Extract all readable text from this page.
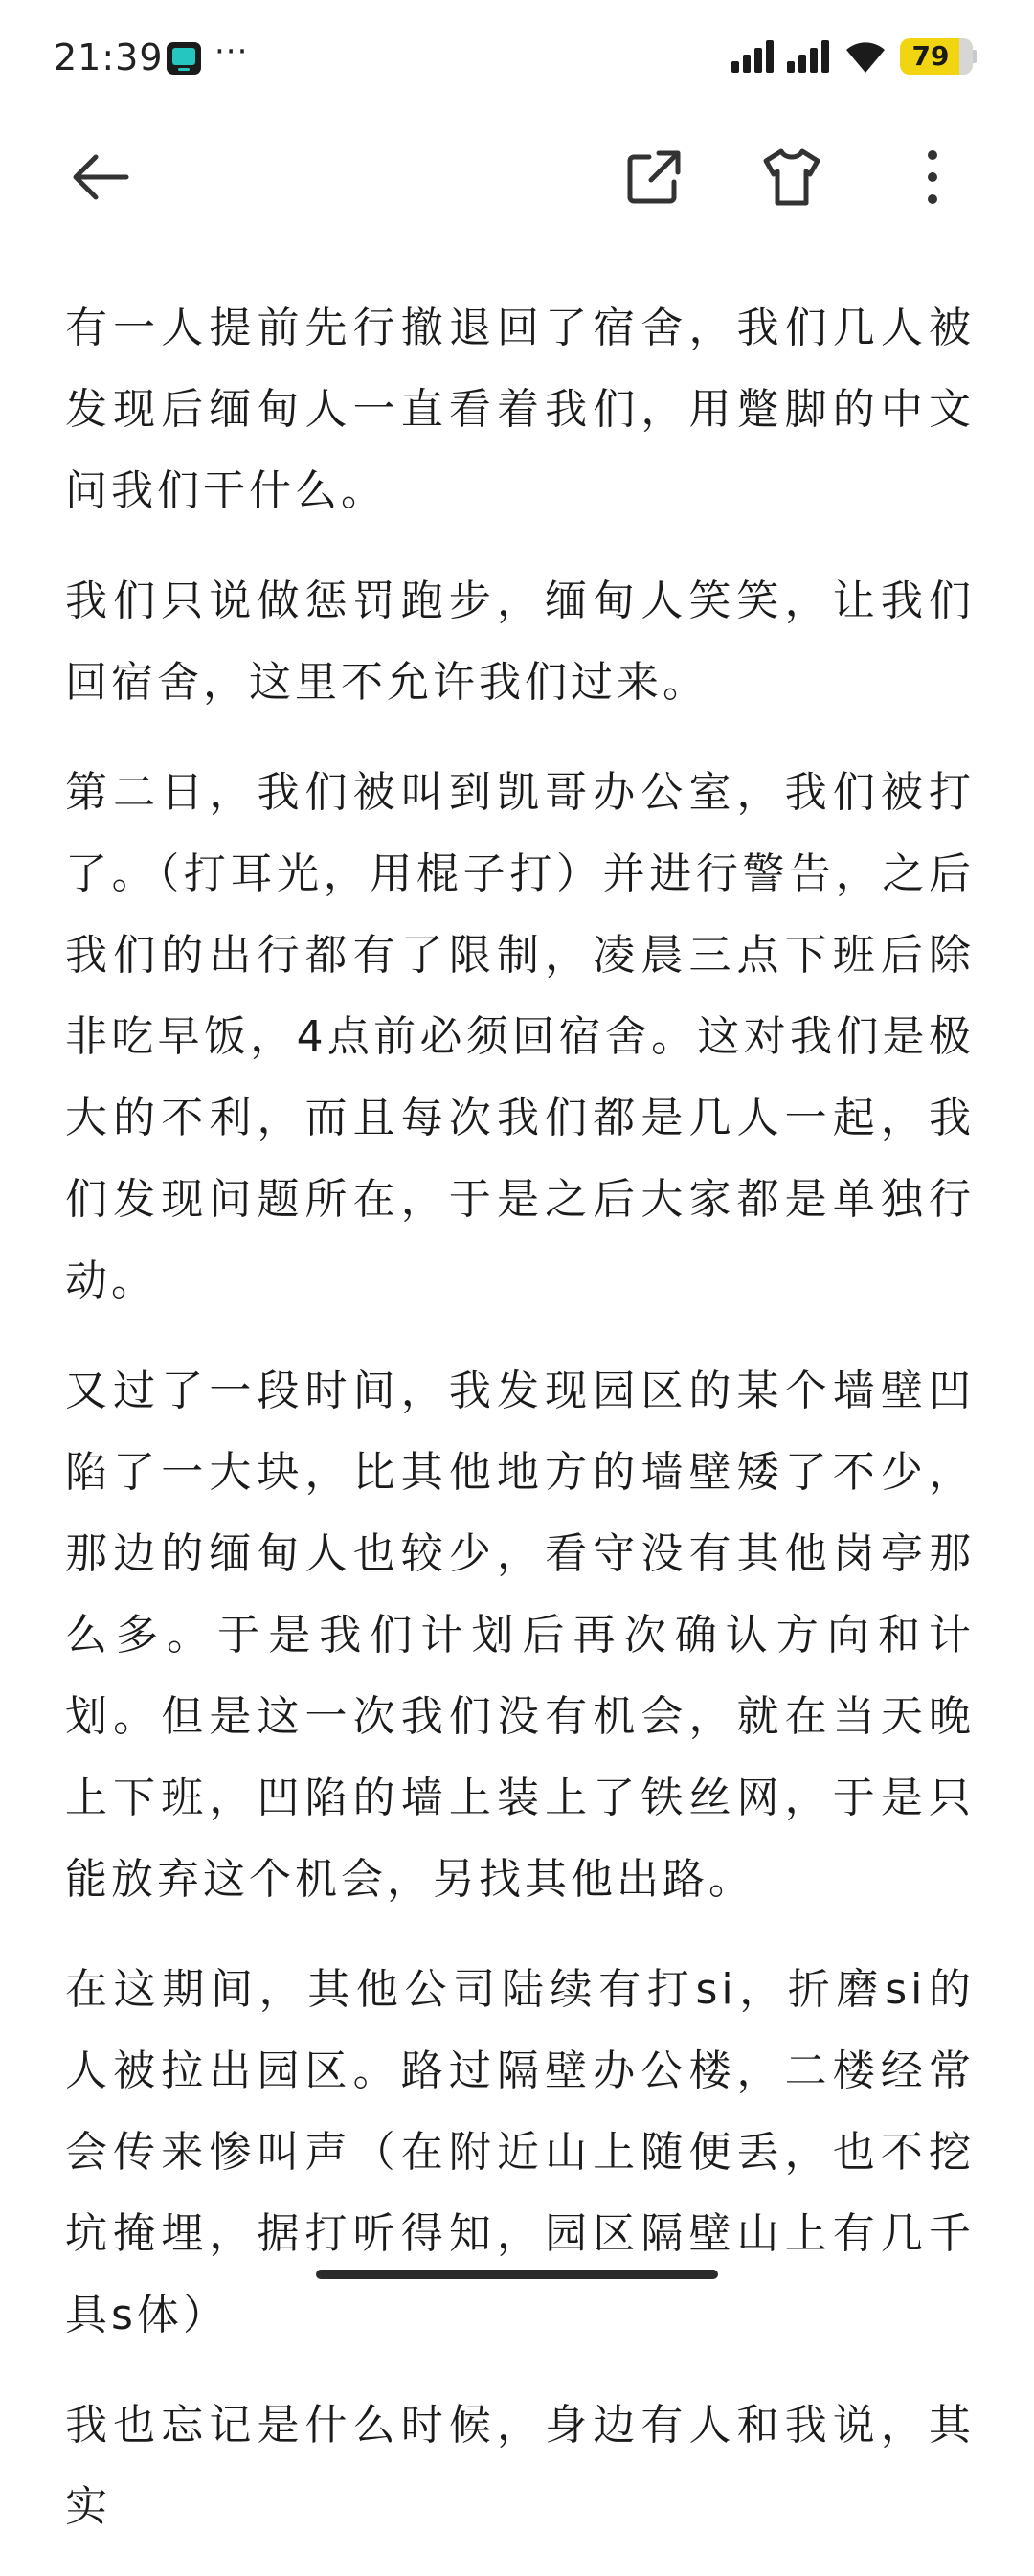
21:39 ···	79

有一人提前先行撤退回了宿舍，我们几人被发现后缅甸人一直看着我们，用蹩脚的中文问我们干什么。

我们只说做惩罚跑步，缅甸人笑笑，让我们回宿舍，这里不允许我们过来。

第二日，我们被叫到凯哥办公室，我们被打了。（打耳光，用棍子打）并进行警告，之后我们的出行都有了限制，凌晨三点下班后除非吃早饭，4点前必须回宿舍。这对我们是极大的不利，而且每次我们都是几人一起，我们发现问题所在，于是之后大家都是单独行动。

又过了一段时间，我发现园区的某个墙壁凹陷了一大块，比其他地方的墙壁矮了不少，那边的缅甸人也较少，看守没有其他岗亭那么多。于是我们计划后再次确认方向和计划。但是这一次我们没有机会，就在当天晚上下班，凹陷的墙上装上了铁丝网，于是只能放弃这个机会，另找其他出路。

在这期间，其他公司陆续有打si，折磨si的人被拉出园区。路过隔壁办公楼，二楼经常会传来惨叫声（在附近山上随便丢，也不挖坑掩埋，据打听得知，园区隔壁山上有几千具s体）

我也忘记是什么时候，身边有人和我说，其实
